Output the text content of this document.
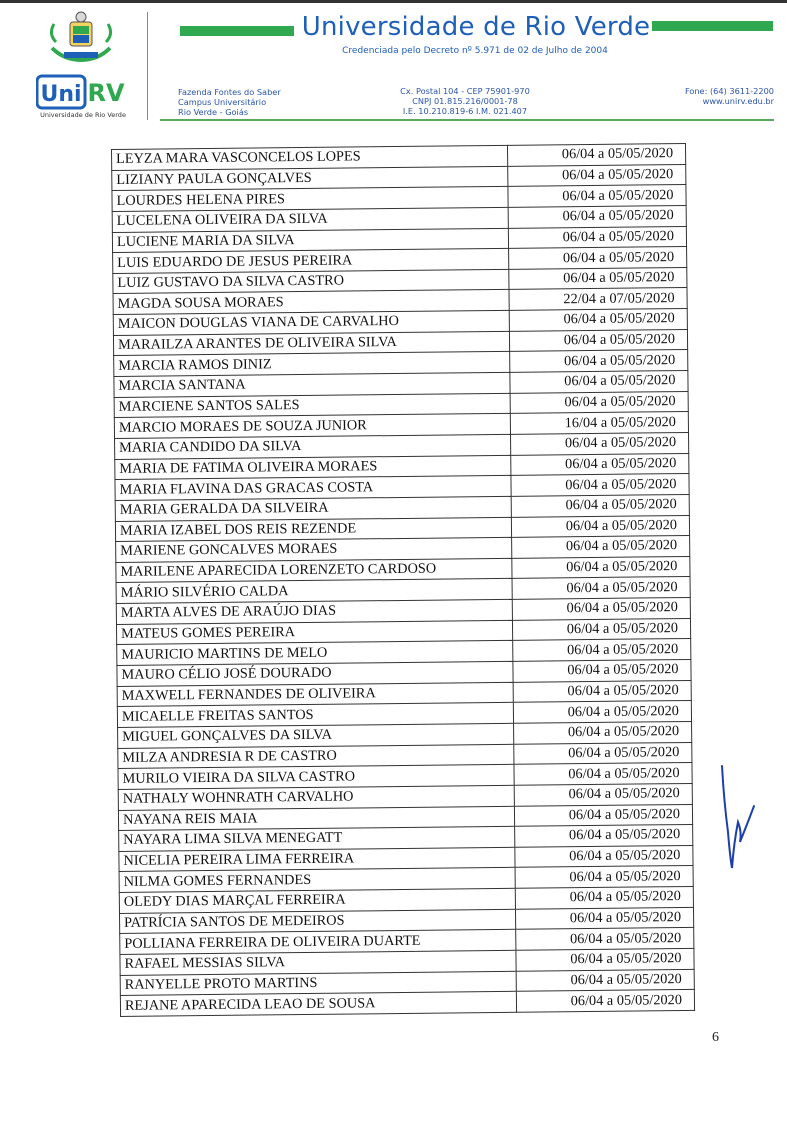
Uni RV
Universidade de Rio Verde
Universidade de Rio Verde
Credenciada pelo Decreto nº 5.971 de 02 de Julho de 2004
Fazenda Fontes do Saber
Campus Universitário
Rio Verde - Goiás
Cx. Postal 104 - CEP 75901-970
CNPJ 01.815.216/0001-78
I.E. 10.210.819-6 I.M. 021.407
Fone: (64) 3611-2200
www.unirv.edu.br
LEYZA MARA VASCONCELOS LOPES	06/04 a 05/05/2020
LIZIANY PAULA GONÇALVES	06/04 a 05/05/2020
LOURDES HELENA PIRES	06/04 a 05/05/2020
LUCELENA OLIVEIRA DA SILVA	06/04 a 05/05/2020
LUCIENE MARIA DA SILVA	06/04 a 05/05/2020
LUIS EDUARDO DE JESUS PEREIRA	06/04 a 05/05/2020
LUIZ GUSTAVO DA SILVA CASTRO	06/04 a 05/05/2020
MAGDA SOUSA MORAES	22/04 a 07/05/2020
MAICON DOUGLAS VIANA DE CARVALHO	06/04 a 05/05/2020
MARAILZA ARANTES DE OLIVEIRA SILVA	06/04 a 05/05/2020
MARCIA RAMOS DINIZ	06/04 a 05/05/2020
MARCIA SANTANA	06/04 a 05/05/2020
MARCIENE SANTOS SALES	06/04 a 05/05/2020
MARCIO MORAES DE SOUZA JUNIOR	16/04 a 05/05/2020
MARIA CANDIDO DA SILVA	06/04 a 05/05/2020
MARIA DE FATIMA OLIVEIRA MORAES	06/04 a 05/05/2020
MARIA FLAVINA DAS GRACAS COSTA	06/04 a 05/05/2020
MARIA GERALDA DA SILVEIRA	06/04 a 05/05/2020
MARIA IZABEL DOS REIS REZENDE	06/04 a 05/05/2020
MARIENE GONCALVES MORAES	06/04 a 05/05/2020
MARILENE APARECIDA LORENZETO CARDOSO	06/04 a 05/05/2020
MÁRIO SILVÉRIO CALDA	06/04 a 05/05/2020
MARTA ALVES DE ARAÚJO DIAS	06/04 a 05/05/2020
MATEUS GOMES PEREIRA	06/04 a 05/05/2020
MAURICIO MARTINS DE MELO	06/04 a 05/05/2020
MAURO CÉLIO JOSÉ DOURADO	06/04 a 05/05/2020
MAXWELL FERNANDES DE OLIVEIRA	06/04 a 05/05/2020
MICAELLE FREITAS SANTOS	06/04 a 05/05/2020
MIGUEL GONÇALVES DA SILVA	06/04 a 05/05/2020
MILZA ANDRESIA R DE CASTRO	06/04 a 05/05/2020
MURILO VIEIRA DA SILVA CASTRO	06/04 a 05/05/2020
NATHALY WOHNRATH CARVALHO	06/04 a 05/05/2020
NAYANA REIS MAIA	06/04 a 05/05/2020
NAYARA LIMA SILVA MENEGATT	06/04 a 05/05/2020
NICELIA PEREIRA LIMA FERREIRA	06/04 a 05/05/2020
NILMA GOMES FERNANDES	06/04 a 05/05/2020
OLEDY DIAS MARÇAL FERREIRA	06/04 a 05/05/2020
PATRÍCIA SANTOS DE MEDEIROS	06/04 a 05/05/2020
POLLIANA FERREIRA DE OLIVEIRA DUARTE	06/04 a 05/05/2020
RAFAEL MESSIAS SILVA	06/04 a 05/05/2020
RANYELLE PROTO MARTINS	06/04 a 05/05/2020
REJANE APARECIDA LEAO DE SOUSA	06/04 a 05/05/2020
6
